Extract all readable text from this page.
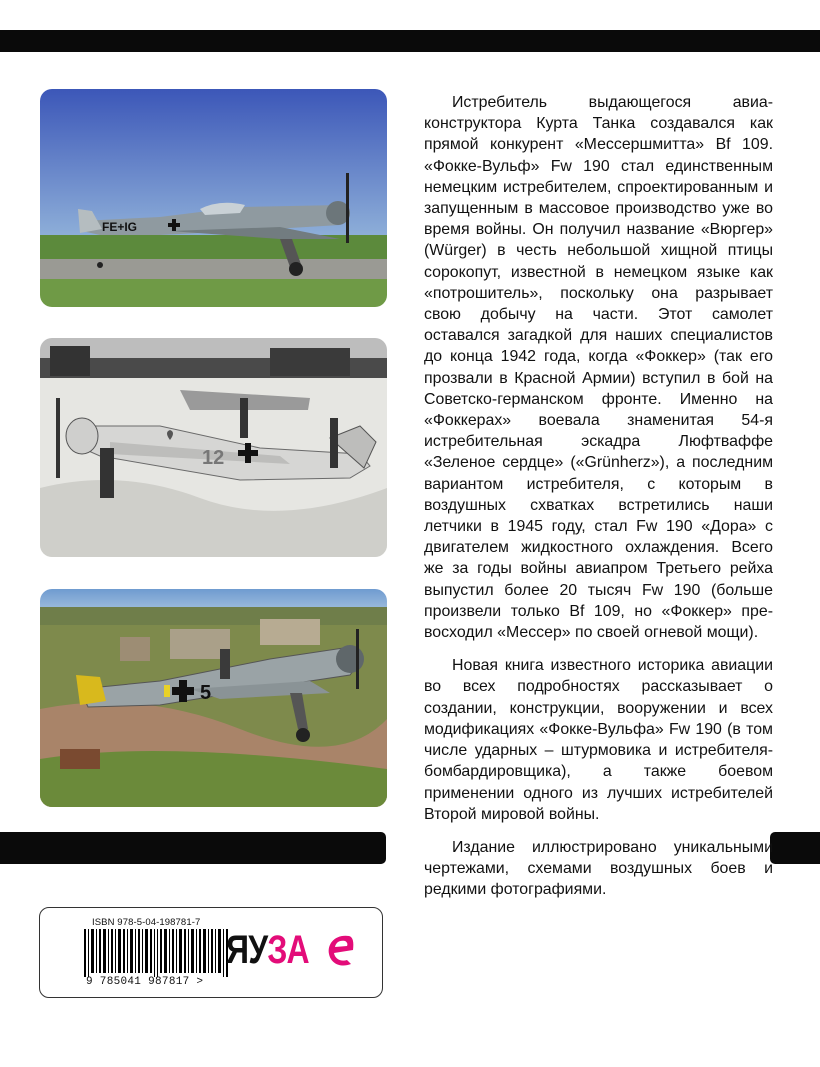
FE+IG
12
5

Истребитель выдающегося авиаконструктора Курта Танка создавался как прямой конкурент «Мессершмитта» Bf 109. «Фокке-Вульф» Fw 190 стал единственным немецким истребителем, спроектированным и запущенным в массовое производство уже во время войны. Он получил название «Вюргер» (Würger) в честь небольшой хищной птицы сорокопут, известной в немецком языке как «потрошитель», поскольку она разрывает свою добычу на части. Этот самолет оставался загадкой для наших специалистов до конца 1942 года, когда «Фоккер» (так его прозвали в Красной Армии) вступил в бой на Советско-германском фронте. Именно на «Фоккерах» воевала знаменитая 54-я истребительная эскадра Люфтваффе «Зеленое сердце» («Grünherz»), а последним вариантом истребителя, с которым в воздушных схватках встретились наши летчики в 1945 году, стал Fw 190 «Дора» с двигателем жидкостного охлаждения. Всего же за годы войны авиапром Третьего рейха выпустил более 20 тысяч Fw 190 (больше произвели только Bf 109, но «Фоккер» превосходил «Мессер» по своей огневой мощи).

Новая книга известного историка авиации во всех подробностях рассказывает о создании, конструкции, вооружении и всех модификациях «Фокке-Вульфа» Fw 190 (в том числе ударных – штурмовика и истребителя-бомбардировщика), а также боевом применении одного из лучших истребителей Второй мировой войны.

Издание иллюстрировано уникальными чертежами, схемами воздушных боев и редкими фотографиями.

ISBN 978-5-04-198781-7
9 785041 987817 >
ЯУЗА
